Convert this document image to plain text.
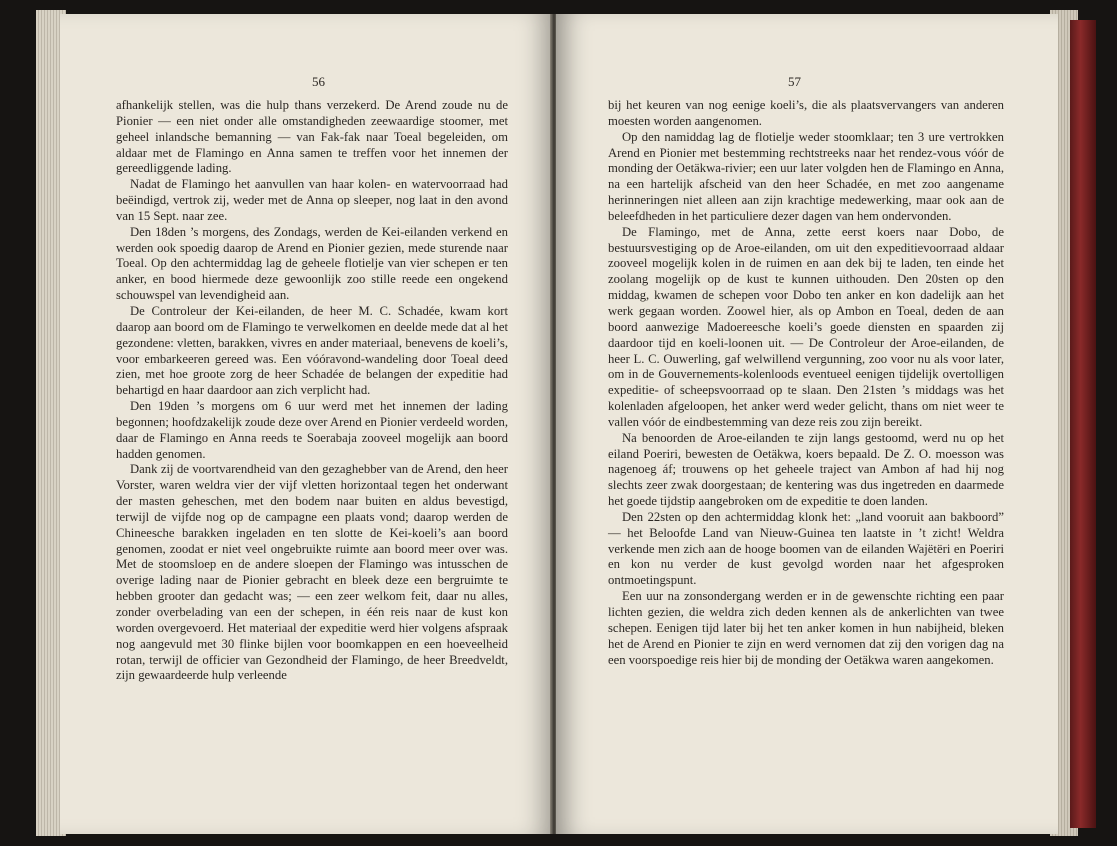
56

afhankelijk stellen, was die hulp thans verzekerd. De Arend zoude nu de Pionier — een niet onder alle omstandigheden zeewaardige stoomer, met geheel inlandsche bemanning — van Fak-fak naar Toeal begeleiden, om aldaar met de Flamingo en Anna samen te treffen voor het innemen der gereedliggende lading.

Nadat de Flamingo het aanvullen van haar kolen- en watervoorraad had beëindigd, vertrok zij, weder met de Anna op sleeper, nog laat in den avond van 15 Sept. naar zee.

Den 18den ’s morgens, des Zondags, werden de Kei-eilanden verkend en werden ook spoedig daarop de Arend en Pionier gezien, mede sturende naar Toeal. Op den achtermiddag lag de geheele flotielje van vier schepen er ten anker, en bood hiermede deze gewoonlijk zoo stille reede een ongekend schouwspel van levendigheid aan.

De Controleur der Kei-eilanden, de heer M. C. Schadée, kwam kort daarop aan boord om de Flamingo te verwelkomen en deelde mede dat al het gezondene: vletten, barakken, vivres en ander materiaal, benevens de koeli’s, voor embarkeeren gereed was. Een vóóravond-wandeling door Toeal deed zien, met hoe groote zorg de heer Schadée de belangen der expeditie had behartigd en haar daardoor aan zich verplicht had.

Den 19den ’s morgens om 6 uur werd met het innemen der lading begonnen; hoofdzakelijk zoude deze over Arend en Pionier verdeeld worden, daar de Flamingo en Anna reeds te Soerabaja zooveel mogelijk aan boord hadden genomen.

Dank zij de voortvarendheid van den gezaghebber van de Arend, den heer Vorster, waren weldra vier der vijf vletten horizontaal tegen het onderwant der masten geheschen, met den bodem naar buiten en aldus bevestigd, terwijl de vijfde nog op de campagne een plaats vond; daarop werden de Chineesche barakken ingeladen en ten slotte de Kei-koeli’s aan boord genomen, zoodat er niet veel ongebruikte ruimte aan boord meer over was. Met de stoomsloep en de andere sloepen der Flamingo was intusschen de overige lading naar de Pionier gebracht en bleek deze een bergruimte te hebben grooter dan gedacht was; — een zeer welkom feit, daar nu alles, zonder overbelading van een der schepen, in één reis naar de kust kon worden overgevoerd. Het materiaal der expeditie werd hier volgens afspraak nog aangevuld met 30 flinke bijlen voor boomkappen en een hoeveelheid rotan, terwijl de officier van Gezondheid der Flamingo, de heer Breedveldt, zijn gewaardeerde hulp verleende

57

bij het keuren van nog eenige koeli’s, die als plaatsvervangers van anderen moesten worden aangenomen.

Op den namiddag lag de flotielje weder stoomklaar; ten 3 ure vertrokken Arend en Pionier met bestemming rechtstreeks naar het rendez-vous vóór de monding der Oetäkwa-rivier; een uur later volgden hen de Flamingo en Anna, na een hartelijk afscheid van den heer Schadée, en met zoo aangename herinneringen niet alleen aan zijn krachtige medewerking, maar ook aan de beleefdheden in het particuliere dezer dagen van hem ondervonden.

De Flamingo, met de Anna, zette eerst koers naar Dobo, de bestuursvestiging op de Aroe-eilanden, om uit den expeditievoorraad aldaar zooveel mogelijk kolen in de ruimen en aan dek bij te laden, ten einde het zoolang mogelijk op de kust te kunnen uithouden. Den 20sten op den middag, kwamen de schepen voor Dobo ten anker en kon dadelijk aan het werk gegaan worden. Zoowel hier, als op Ambon en Toeal, deden de aan boord aanwezige Madoereesche koeli’s goede diensten en spaarden zij daardoor tijd en koeli-loonen uit. — De Controleur der Aroe-eilanden, de heer L. C. Ouwerling, gaf welwillend vergunning, zoo voor nu als voor later, om in de Gouvernements-kolenloods eventueel eenigen tijdelijk overtolligen expeditie- of scheepsvoorraad op te slaan. Den 21sten ’s middags was het kolenladen afgeloopen, het anker werd weder gelicht, thans om niet weer te vallen vóór de eindbestemming van deze reis zou zijn bereikt.

Na benoorden de Aroe-eilanden te zijn langs gestoomd, werd nu op het eiland Poeriri, bewesten de Oetäkwa, koers bepaald. De Z. O. moesson was nagenoeg áf; trouwens op het geheele traject van Ambon af had hij nog slechts zeer zwak doorgestaan; de kentering was dus ingetreden en daarmede het goede tijdstip aangebroken om de expeditie te doen landen.

Den 22sten op den achtermiddag klonk het: „land vooruit aan bakboord” — het Beloofde Land van Nieuw-Guinea ten laatste in ’t zicht! Weldra verkende men zich aan de hooge boomen van de eilanden Wajëtëri en Poeriri en kon nu verder de kust gevolgd worden naar het afgesproken ontmoetingspunt.

Een uur na zonsondergang werden er in de gewenschte richting een paar lichten gezien, die weldra zich deden kennen als de ankerlichten van twee schepen. Eenigen tijd later bij het ten anker komen in hun nabijheid, bleken het de Arend en Pionier te zijn en werd vernomen dat zij den vorigen dag na een voorspoedige reis hier bij de monding der Oetäkwa waren aangekomen.
